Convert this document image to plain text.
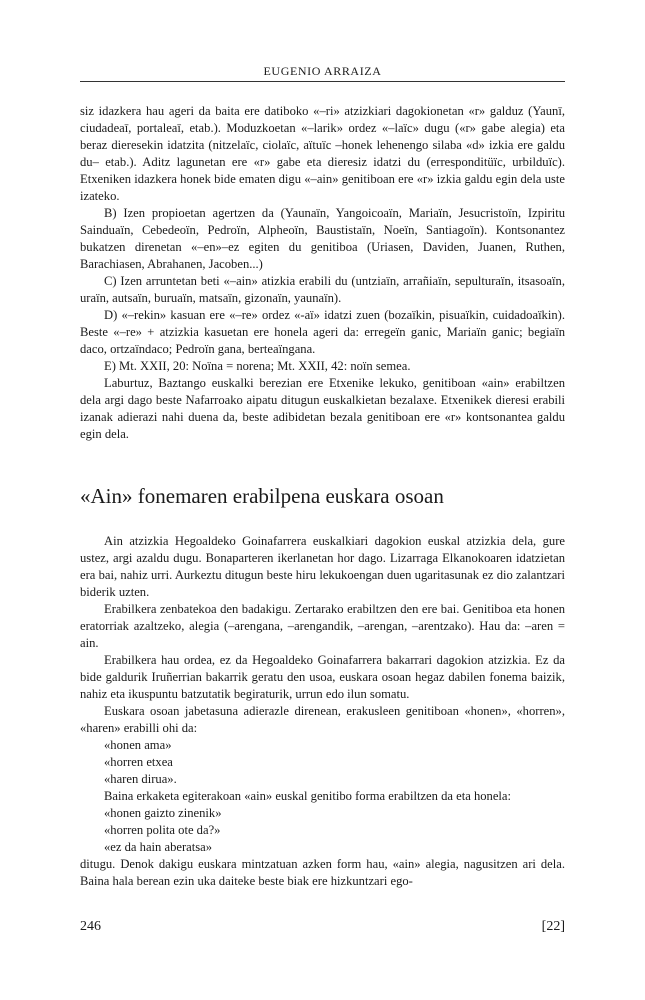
EUGENIO ARRAIZA

siz idazkera hau ageri da baita ere datiboko «–ri» atzizkiari dagokionetan «r» galduz (Yaunī, ciudadeaī, portaleaī, etab.). Moduzkoetan «–larik» ordez «–laïc» dugu («r» gabe alegia) eta beraz dieresekin idatzita (nitzelaïc, ciolaïc, aïtuïc –honek lehenengo silaba «d» izkia ere galdu du– etab.). Aditz lagunetan ere «r» gabe eta dieresiz idatzi du (erresponditüïc, urbilduïc). Etxeniken idazkera honek bide ematen digu «–ain» genitiboan ere «r» izkia galdu egin dela uste izateko.

B) Izen propioetan agertzen da (Yaunaïn, Yangoicoaïn, Mariaïn, Jesucristoïn, Izpiritu Sainduaïn, Cebedeoïn, Pedroïn, Alpheoïn, Baustistaïn, Noeïn, Santiagoïn). Kontsonantez bukatzen direnetan «–en»–ez egiten du genitiboa (Uriasen, Daviden, Juanen, Ruthen, Barachiasen, Abrahanen, Jacoben...)

C) Izen arruntetan beti «–ain» atizkia erabili du (untziaïn, arrañiaïn, sepulturaïn, itsasoaïn, uraïn, autsaïn, buruaïn, matsaïn, gizonaïn, yaunaïn).

D) «–rekin» kasuan ere «–re» ordez «-aï» idatzi zuen (bozaïkin, pisuaïkin, cuidadoaïkin). Beste «–re» + atzizkia kasuetan ere honela ageri da: erregeïn ganic, Mariaïn ganic; begiaïn daco, ortzaïndaco; Pedroïn gana, berteaïngana.

E) Mt. XXII, 20: Noïna = norena; Mt. XXII, 42: noïn semea.

Laburtuz, Baztango euskalki berezian ere Etxenike lekuko, genitiboan «ain» erabiltzen dela argi dago beste Nafarroako aipatu ditugun euskalkietan bezalaxe. Etxenikek dieresi erabili izanak adierazi nahi duena da, beste adibidetan bezala genitiboan ere «r» kontsonantea galdu egin dela.

«Ain» fonemaren erabilpena euskara osoan

Ain atzizkia Hegoaldeko Goinafarrera euskalkiari dagokion euskal atzizkia dela, gure ustez, argi azaldu dugu. Bonaparteren ikerlanetan hor dago. Lizarraga Elkanokoaren idatzietan era bai, nahiz urri. Aurkeztu ditugun beste hiru lekukoengan duen ugaritasunak ez dio zalantzari biderik uzten.

Erabilkera zenbatekoa den badakigu. Zertarako erabiltzen den ere bai. Genitiboa eta honen eratorriak azaltzeko, alegia (–arengana, –arengandik, –arengan, –arentzako). Hau da: –aren = ain.

Erabilkera hau ordea, ez da Hegoaldeko Goinafarrera bakarrari dagokion atzizkia. Ez da bide galdurik Iruñerrian bakarrik geratu den usoa, euskara osoan hegaz dabilen fonema baizik, nahiz eta ikuspuntu batzutatik begiraturik, urrun edo ilun somatu.

Euskara osoan jabetasuna adierazle direnean, erakusleen genitiboan «honen», «horren», «haren» erabilli ohi da:

«honen ama»

«horren etxea

«haren dirua».

Baina erkaketa egiterakoan «ain» euskal genitibo forma erabiltzen da eta honela:

«honen gaizto zinenik»

«horren polita ote da?»

«ez da hain aberatsa»

ditugu. Denok dakigu euskara mintzatuan azken form hau, «ain» alegia, nagusitzen ari dela. Baina hala berean ezin uka daiteke beste biak ere hizkuntzari ego-

246	[22]
